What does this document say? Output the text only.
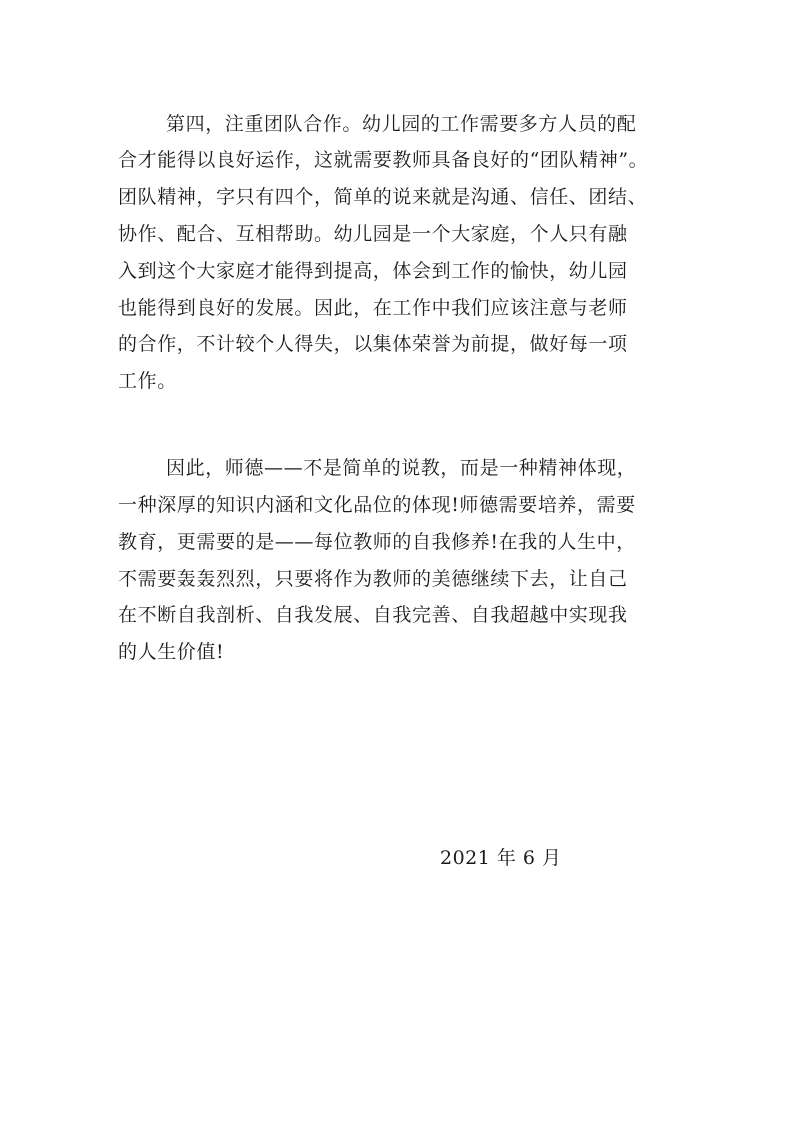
第四，注重团队合作。幼儿园的工作需要多方人员的配
合才能得以良好运作，这就需要教师具备良好的“团队精神”。
团队精神，字只有四个，简单的说来就是沟通、信任、团结、
协作、配合、互相帮助。幼儿园是一个大家庭，个人只有融
入到这个大家庭才能得到提高，体会到工作的愉快，幼儿园
也能得到良好的发展。因此，在工作中我们应该注意与老师
的合作，不计较个人得失，以集体荣誉为前提，做好每一项
工作。
因此，师德——不是简单的说教，而是一种精神体现，
一种深厚的知识内涵和文化品位的体现!师德需要培养，需要
教育，更需要的是——每位教师的自我修养!在我的人生中，
不需要轰轰烈烈，只要将作为教师的美德继续下去，让自己
在不断自我剖析、自我发展、自我完善、自我超越中实现我
的人生价值!
2021 年 6 月
